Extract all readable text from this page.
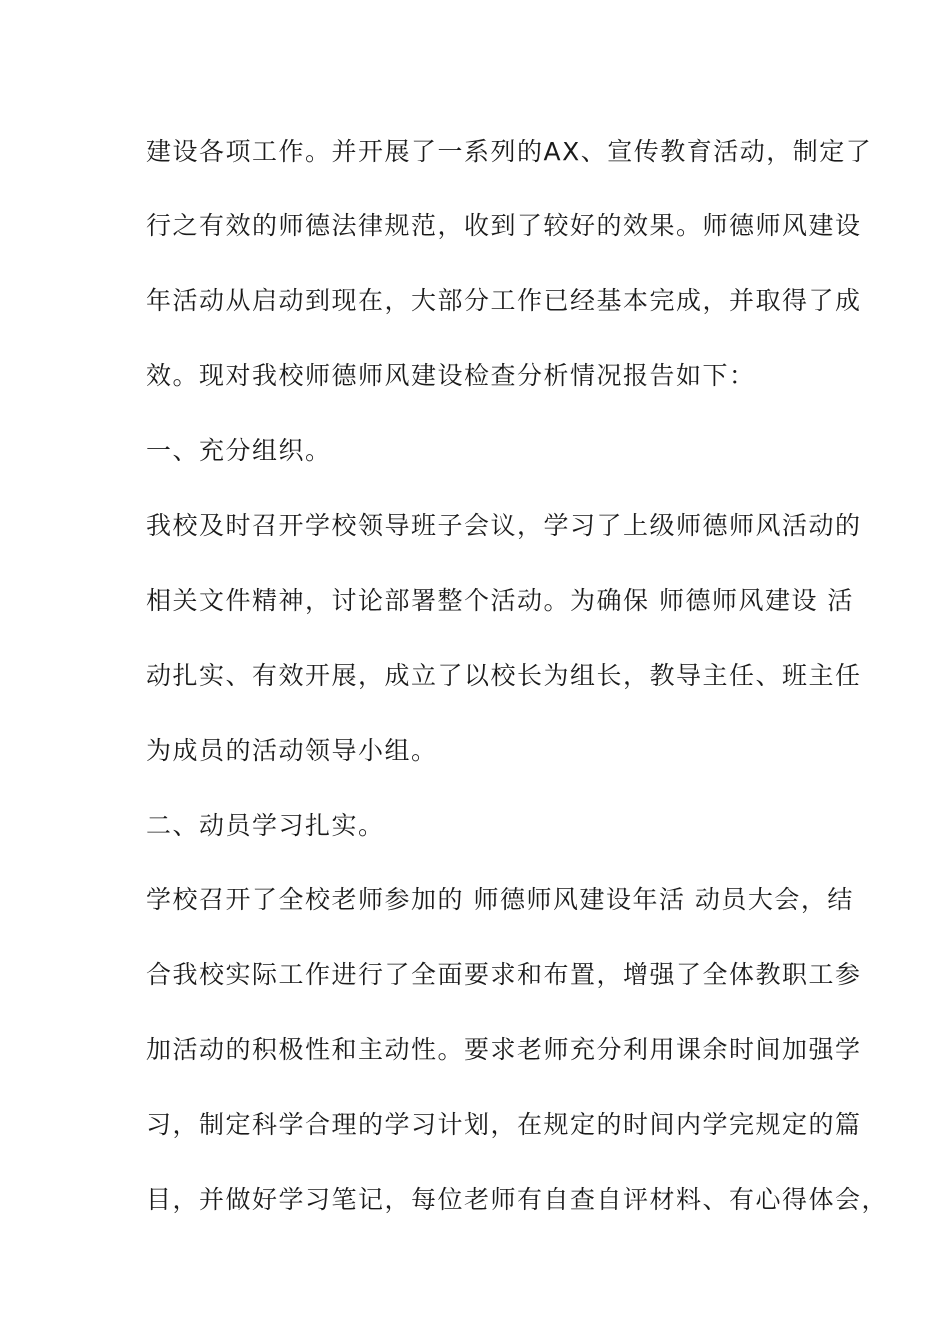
建设各项工作。并开展了一系列的ΑΧ、宣传教育活动，制定了
行之有效的师德法律规范，收到了较好的效果。师德师风建设
年活动从启动到现在，大部分工作已经基本完成，并取得了成
效。现对我校师德师风建设检查分析情况报告如下：
一、充分组织。
我校及时召开学校领导班子会议，学习了上级师德师风活动的
相关文件精神，讨论部署整个活动。为确保 师德师风建设 活
动扎实、有效开展，成立了以校长为组长，教导主任、班主任
为成员的活动领导小组。
二、动员学习扎实。
学校召开了全校老师参加的 师德师风建设年活 动员大会，结
合我校实际工作进行了全面要求和布置，增强了全体教职工参
加活动的积极性和主动性。要求老师充分利用课余时间加强学
习，制定科学合理的学习计划，在规定的时间内学完规定的篇
目，并做好学习笔记，每位老师有自查自评材料、有心得体会，
